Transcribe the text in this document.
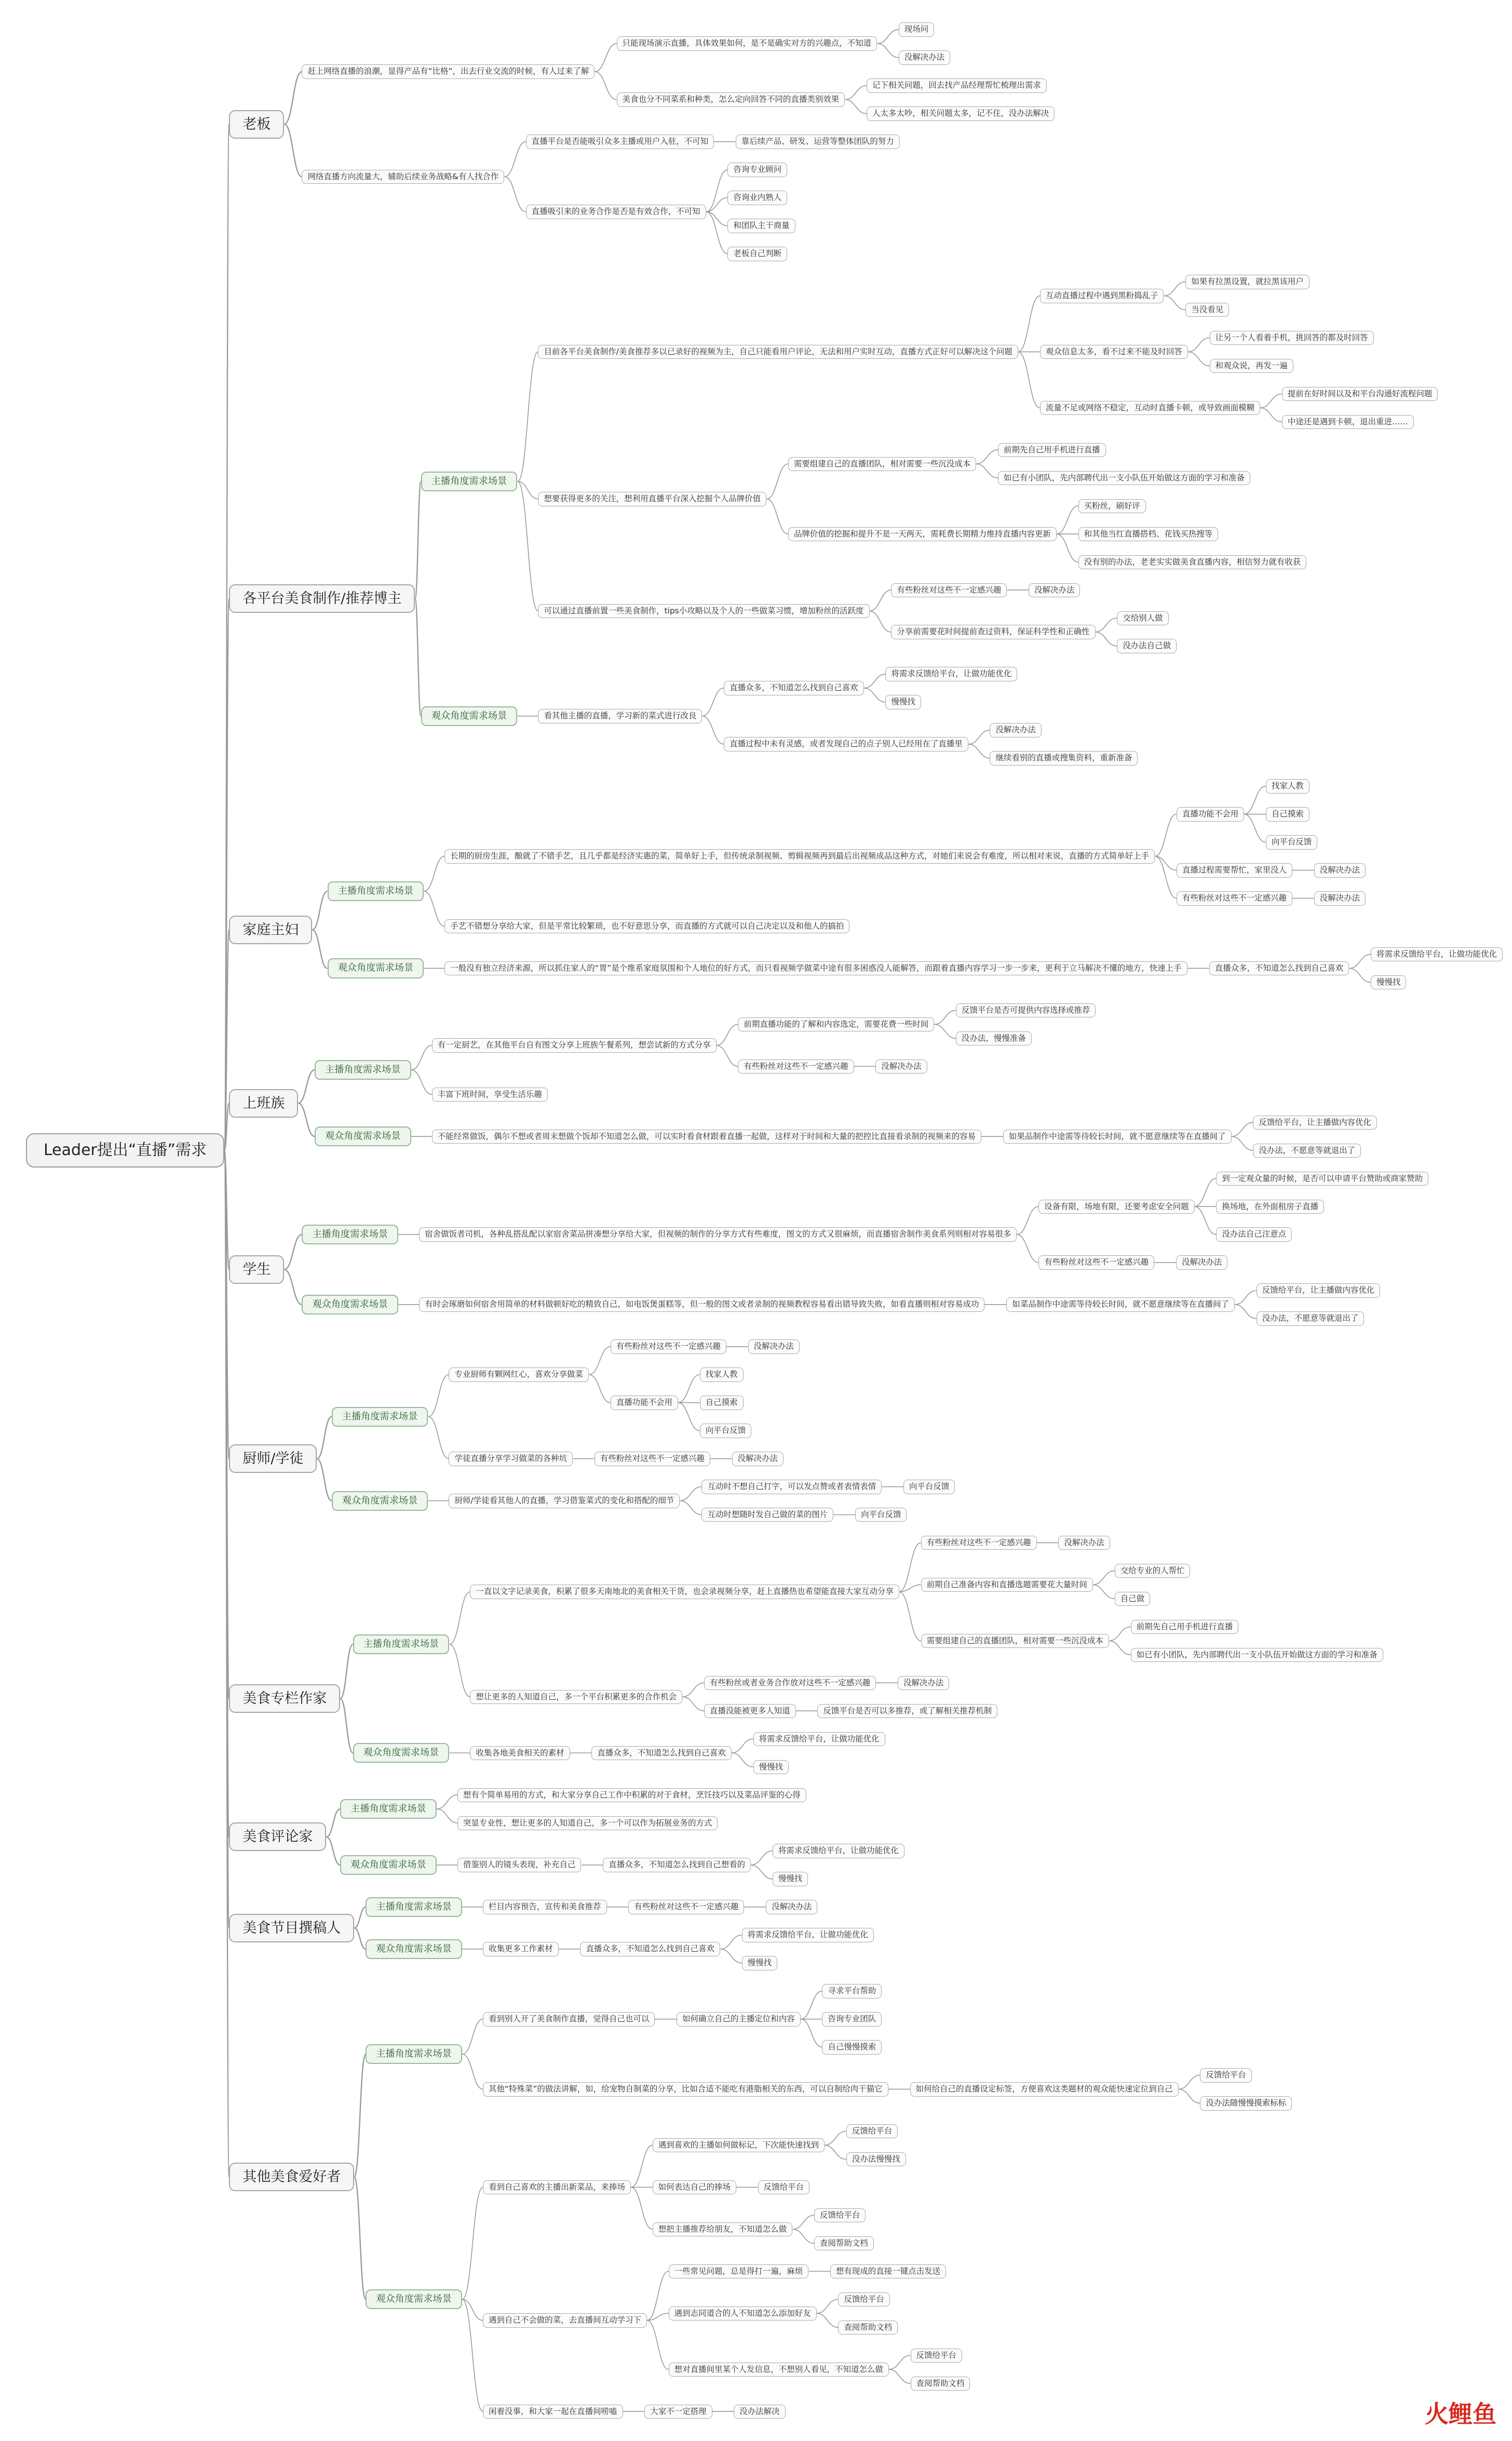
Leader提出“直播”需求
老板
赶上网络直播的浪潮，显得产品有“比格”，出去行业交流的时候，有人过来了解
只能现场演示直播，具体效果如何，是不是确实对方的兴趣点，不知道
现场问
没解决办法
美食也分不同菜系和种类，怎么定向回答不同的直播类别效果
记下相关问题，回去找产品经理帮忙梳理出需求
人太多太吵，相关问题太多，记不住，没办法解决
网络直播方向流量大，辅助后续业务战略&有人找合作
直播平台是否能吸引众多主播或用户入驻，不可知	靠后续产品、研发、运营等整体团队的努力
直播吸引来的业务合作是否是有效合作，不可知
咨询专业顾问
咨询业内熟人
和团队主干商量
老板自己判断
各平台美食制作/推荐博主
主播角度需求场景
目前各平台美食制作/美食推荐多以已录好的视频为主，自己只能看用户评论，无法和用户实时互动，直播方式正好可以解决这个问题
互动直播过程中遇到黑粉捣乱子
如果有拉黑设置，就拉黑该用户
当没看见
观众信息太多，看不过来不能及时回答
让另一个人看着手机，挑回答的都及时回答
和观众说，再发一遍
流量不足或网络不稳定，互动时直播卡顿，或导致画面模糊
提前在好时间以及和平台沟通好流程问题
中途还是遇到卡顿，退出重进……
想要获得更多的关注，想利用直播平台深入挖掘个人品牌价值
需要组建自己的直播团队，相对需要一些沉没成本
前期先自己用手机进行直播
如已有小团队，先内部聘代出一支小队伍开始做这方面的学习和准备
品牌价值的挖掘和提升不是一天两天，需耗费长期精力维持直播内容更新
买粉丝，刷好评
和其他当红直播搭档、花钱买热搜等
没有别的办法，老老实实做美食直播内容，相信努力就有收获
可以通过直播前置一些美食制作，tips小攻略以及个人的一些做菜习惯，增加粉丝的活跃度
有些粉丝对这些不一定感兴趣	没解决办法
分享前需要花时间提前查过资料，保证科学性和正确性
交给别人做
没办法自己做
观众角度需求场景	看其他主播的直播，学习新的菜式进行改良
直播众多，不知道怎么找到自己喜欢
将需求反馈给平台，让做功能优化
慢慢找
直播过程中未有灵感，或者发现自己的点子别人已经用在了直播里
没解决办法
继续看别的直播或搜集资料，重新准备
家庭主妇
主播角度需求场景
长期的厨房生涯，酿就了不错手艺，且几乎都是经济实惠的菜，简单好上手，但传统录制视频、剪辑视频再到最后出视频成品这种方式，对她们来说会有难度，所以相对来说，直播的方式简单好上手
直播功能不会用
找家人教
自己摸索
向平台反馈
直播过程需要帮忙，家里没人	没解决办法
有些粉丝对这些不一定感兴趣	没解决办法
手艺不错想分享给大家，但是平常比较繁琐，也不好意思分享，而直播的方式就可以自己决定以及和他人的搞拍
观众角度需求场景	一般没有独立经济来源，所以抓住家人的“胃”是个维系家庭氛围和个人地位的好方式，而只看视频学做菜中途有很多困惑没人能解答，而跟着直播内容学习一步一步来，更利于立马解决不懂的地方，快速上手	直播众多，不知道怎么找到自己喜欢
将需求反馈给平台，让做功能优化
慢慢找
上班族
主播角度需求场景
有一定厨艺，在其他平台自有图文分享上班族午餐系列，想尝试新的方式分享
前期直播功能的了解和内容选定，需要花费一些时间
反馈平台是否可提供内容选择或推荐
没办法，慢慢准备
有些粉丝对这些不一定感兴趣	没解决办法
丰富下班时间，享受生活乐趣
观众角度需求场景	不能经常做饭，偶尔不想或者周末想做个饭却不知道怎么做，可以实时看食材跟着直播一起做，这样对于时间和大量的把控比直接看录制的视频来的容易	如果品制作中途需等待较长时间，就不愿意继续等在直播间了
反馈给平台，让主播做内容优化
没办法，不愿意等就退出了
学生
主播角度需求场景	宿舍做饭者司机，各种乱搭乱配以家宿舍菜品拼凑想分享给大家，但视频的制作的分享方式有些难度，图文的方式又很麻烦，而直播宿舍制作美食系列则相对容易很多
设备有限，场地有限，还要考虑安全问题
到一定观众量的时候，是否可以申请平台赞助或商家赞助
换场地，在外面租房子直播
没办法自己注意点
有些粉丝对这些不一定感兴趣	没解决办法
观众角度需求场景	有时会琢磨如何宿舍用简单的材料做顿好吃的精致自己，如电饭煲蛋糕等，但一般的图文或者录制的视频教程容易看出错导致失败，如看直播则相对容易成功	如菜品制作中途需等待较长时间，就不愿意继续等在直播间了
反馈给平台，让主播做内容优化
没办法，不愿意等就退出了
厨师/学徒
主播角度需求场景
专业厨师有颗网红心，喜欢分享做菜
有些粉丝对这些不一定感兴趣	没解决办法
直播功能不会用
找家人教
自己摸索
向平台反馈
学徒直播分享学习做菜的各种坑	有些粉丝对这些不一定感兴趣	没解决办法
观众角度需求场景	厨师/学徒看其他人的直播，学习借鉴菜式的变化和搭配的细节
互动时不想自己打字，可以发点赞或者表情表情	向平台反馈
互动时想随时发自己做的菜的图片	向平台反馈
美食专栏作家
主播角度需求场景
一直以文字记录美食，积累了很多天南地北的美食相关干货，也会录视频分享，赶上直播热也希望能直接大家互动分享
有些粉丝对这些不一定感兴趣	没解决办法
前期自己准备内容和直播选题需要花大量时间
交给专业的人帮忙
自己做
需要组建自己的直播团队，相对需要一些沉没成本
前期先自己用手机进行直播
如已有小团队，先内部聘代出一支小队伍开始做这方面的学习和准备
想让更多的人知道自己，多一个平台积累更多的合作机会
有些粉丝或者业务合作放对这些不一定感兴趣	没解决办法
直播没能被更多人知道	反馈平台是否可以多推荐，或了解相关推荐机制
观众角度需求场景	收集各地美食相关的素材	直播众多，不知道怎么找到自己喜欢
将需求反馈给平台，让做功能优化
慢慢找
美食评论家
主播角度需求场景
想有个简单易用的方式，和大家分享自己工作中积累的对于食材，烹饪技巧以及菜品评鉴的心得
突显专业性，想让更多的人知道自己，多一个可以作为拓展业务的方式
观众角度需求场景	借鉴别人的镜头表现，补充自己	直播众多，不知道怎么找到自己想看的
将需求反馈给平台，让做功能优化
慢慢找
美食节目撰稿人
主播角度需求场景	栏目内容预告，宣传和美食推荐	有些粉丝对这些不一定感兴趣	没解决办法
观众角度需求场景	收集更多工作素材	直播众多，不知道怎么找到自己喜欢
将需求反馈给平台，让做功能优化
慢慢找
其他美食爱好者
主播角度需求场景
看到别人开了美食制作直播，觉得自己也可以	如何确立自己的主播定位和内容
寻求平台帮助
咨询专业团队
自己慢慢摸索
其他“特殊菜”的做法讲解，如，给宠物自制菜的分享，比如合适不能吃有港脂相关的东西，可以自制给肉干猫它	如何给自己的直播设定标签，方便喜欢这类题材的观众能快速定位到自己
反馈给平台
没办法随慢慢摸索标标
观众角度需求场景
看到自己喜欢的主播出新菜品，来捧场
遇到喜欢的主播如何做标记，下次能快速找到
反馈给平台
没办法慢慢找
如何表达自己的捧场	反馈给平台
想把主播推荐给朋友，不知道怎么做
反馈给平台
查阅帮助文档
遇到自己不会做的菜，去直播间互动学习下
一些常见问题，总是得打一遍，麻烦	想有现成的直接一键点击发送
遇到志同道合的人不知道怎么添加好友
反馈给平台
查阅帮助文档
想对直播间里某个人发信息，不想别人看见，不知道怎么做
反馈给平台
查阅帮助文档
闲着没事，和大家一起在直播间唠嗑	大家不一定搭理	没办法解决	火鲤鱼
